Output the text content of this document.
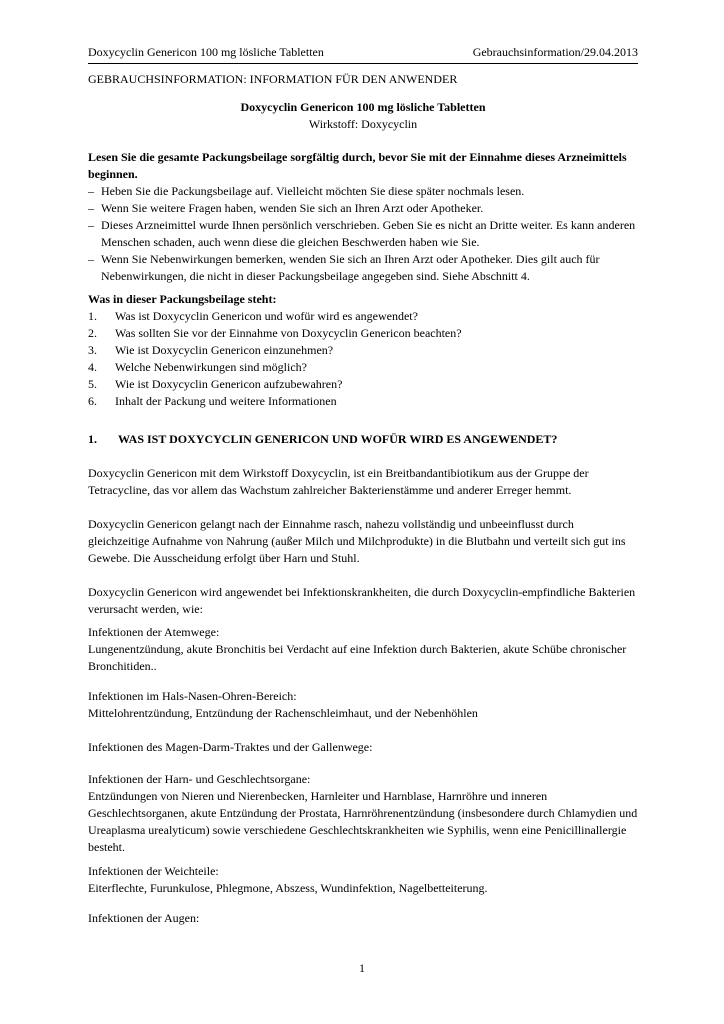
Doxycyclin Genericon 100 mg lösliche Tabletten	Gebrauchsinformation/29.04.2013

GEBRAUCHSINFORMATION: INFORMATION FÜR DEN ANWENDER

Doxycyclin Genericon 100 mg lösliche Tabletten

Wirkstoff: Doxycyclin

Lesen Sie die gesamte Packungsbeilage sorgfältig durch, bevor Sie mit der Einnahme dieses Arzneimittels beginnen.

– Heben Sie die Packungsbeilage auf. Vielleicht möchten Sie diese später nochmals lesen.
– Wenn Sie weitere Fragen haben, wenden Sie sich an Ihren Arzt oder Apotheker.
– Dieses Arzneimittel wurde Ihnen persönlich verschrieben. Geben Sie es nicht an Dritte weiter. Es kann anderen Menschen schaden, auch wenn diese die gleichen Beschwerden haben wie Sie.
– Wenn Sie Nebenwirkungen bemerken, wenden Sie sich an Ihren Arzt oder Apotheker. Dies gilt auch für Nebenwirkungen, die nicht in dieser Packungsbeilage angegeben sind. Siehe Abschnitt 4.

Was in dieser Packungsbeilage steht:

1.	Was ist Doxycyclin Genericon und wofür wird es angewendet?
2.	Was sollten Sie vor der Einnahme von Doxycyclin Genericon beachten?
3.	Wie ist Doxycyclin Genericon einzunehmen?
4.	Welche Nebenwirkungen sind möglich?
5.	Wie ist Doxycyclin Genericon aufzubewahren?
6.	Inhalt der Packung und weitere Informationen
1.	WAS IST DOXYCYCLIN GENERICON UND WOFÜR WIRD ES ANGEWENDET?

Doxycyclin Genericon mit dem Wirkstoff Doxycyclin, ist ein Breitbandantibiotikum aus der Gruppe der Tetracycline, das vor allem das Wachstum zahlreicher Bakterienstämme und anderer Erreger hemmt.

Doxycyclin Genericon gelangt nach der Einnahme rasch, nahezu vollständig und unbeeinflusst durch gleichzeitige Aufnahme von Nahrung (außer Milch und Milchprodukte) in die Blutbahn und verteilt sich gut ins Gewebe. Die Ausscheidung erfolgt über Harn und Stuhl.

Doxycyclin Genericon wird angewendet bei Infektionskrankheiten, die durch Doxycyclin-empfindliche Bakterien verursacht werden, wie:

Infektionen der Atemwege:

Lungenentzündung, akute Bronchitis bei Verdacht auf eine Infektion durch Bakterien, akute Schübe chronischer Bronchitiden..

Infektionen im Hals-Nasen-Ohren-Bereich:

Mittelohrentzündung, Entzündung der Rachenschleimhaut, und der Nebenhöhlen

Infektionen des Magen-Darm-Traktes und der Gallenwege:

Infektionen der Harn- und Geschlechtsorgane:

Entzündungen von Nieren und Nierenbecken, Harnleiter und Harnblase, Harnröhre und inneren Geschlechtsorganen, akute Entzündung der Prostata, Harnröhrenentzündung (insbesondere durch Chlamydien und Ureaplasma urealyticum) sowie verschiedene Geschlechtskrankheiten wie Syphilis, wenn eine Penicillinallergie besteht.

Infektionen der Weichteile:

Eiterflechte, Furunkulose, Phlegmone, Abszess, Wundinfektion, Nagelbetteiterung.

Infektionen der Augen:

1
